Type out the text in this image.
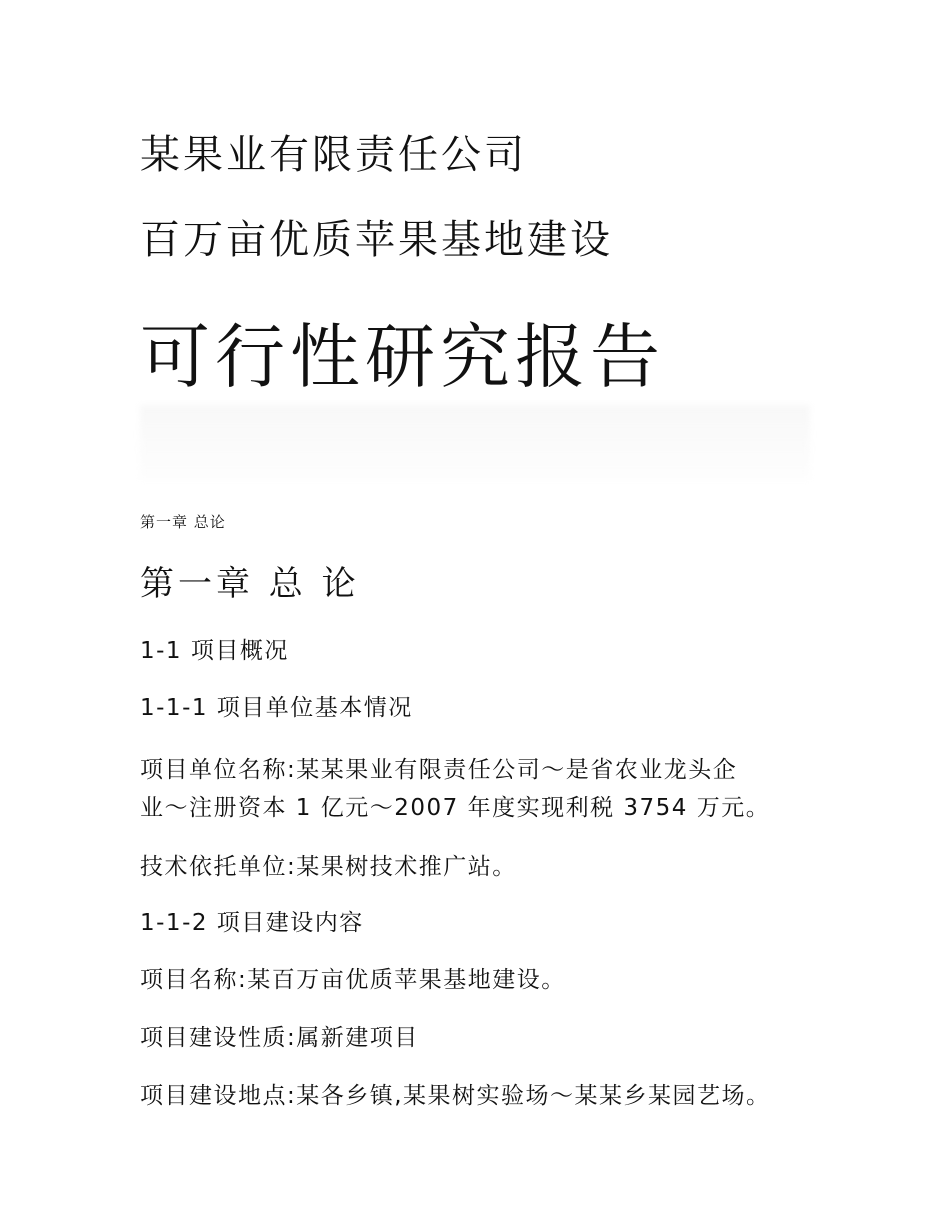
某果业有限责任公司
百万亩优质苹果基地建设
可行性研究报告
第一章 总论
第一章 总 论
1-1 项目概况
1-1-1 项目单位基本情况
项目单位名称:某某果业有限责任公司～是省农业龙头企
业～注册资本 1 亿元～2007 年度实现利税 3754 万元。
技术依托单位:某果树技术推广站。
1-1-2 项目建设内容
项目名称:某百万亩优质苹果基地建设。
项目建设性质:属新建项目
项目建设地点:某各乡镇,某果树实验场～某某乡某园艺场。
